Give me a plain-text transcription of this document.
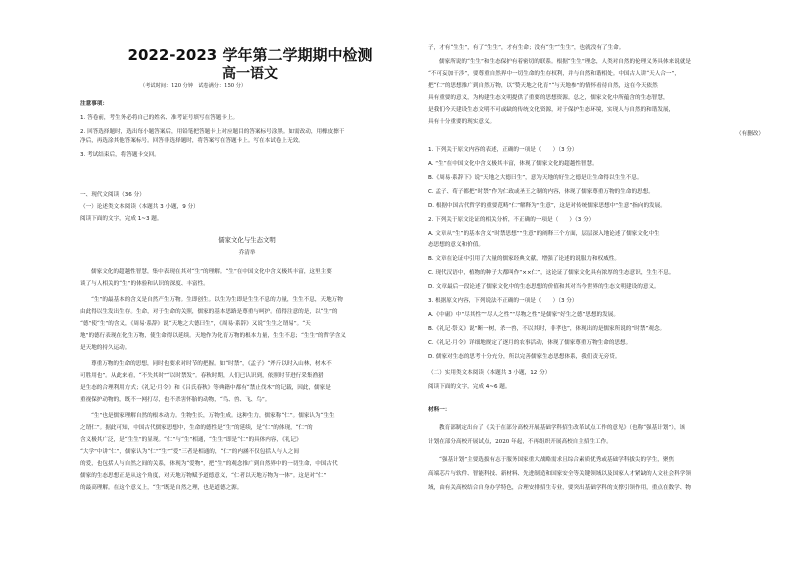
2022-2023 学年第二学期期中检测
高一语文
（考试时间：120 分钟　试卷满分：150 分）
注意事项：
1. 答卷前，考生务必将自己的姓名、准考证号填写在答题卡上。
2. 回答选择题时，选出每小题答案后，用铅笔把答题卡上对应题目的答案标号涂黑。如需改动，用橡皮擦干
净后，再选涂其他答案标号。回答非选择题时，将答案写在答题卡上。写在本试卷上无效。
3. 考试结束后，将答题卡交回。
一、现代文阅读（36 分）
（一）论述类文本阅读（本题共 3 小题，9 分）
阅读下面的文字，完成 1~3 题。
儒家文化与生态文明
乔清举
儒家文化的超越性智慧，集中表现在其对“生”的理解。“生”在中国文化中含义极其丰富，这里主要
谈了与人相关的“生”的体验和认识的深度、丰富性。
“生”的最基本的含义是自然产生万物。生即创生。以生为生即是生生不息的力量，生生不息，天地万物
由此得以生发出生存。生命，对于生命的关照，儒家的基本思路是尊重与呵护。值得注意的是，以“生”的
“德”使“生”的含义，《周易·系辞》说“天地之大德曰生”，《周易·系辞》又说“生生之谓易”。“天
地”的德行表现在化生万物，使生命得以延续。天地作为化育万物的根本力量，生生不息；“生生”的哲学含义
是天地的持久运动。
尊重万物的生命的思想，同时也要求对时节的把握。如“时禁”，《孟子》“斧斤以时入山林，材木不
可胜用也”。从此来看，“不失其时”“以时禁发”。春秋时期，人们已认识到，依照时节进行采集渔猎
是生态的合理利用方式；《礼记·月令》和《吕氏春秋》等典籍中都有“禁止伐木”的记载，因此，儒家是
重视保护动物的，既不一网打尽，也不杀害怀胎的动物，“鸟、兽、飞、鸟”。
“生”也是儒家理解自然的根本动力。生物生长，万物生成。这种生力，儒家称“仁”。儒家认为“生生
之谓仁”。据此可知，中国古代儒家思想中，生命的德性是“生”的延续，是“仁”的体现，“仁”的
含义极其广泛，是“生生”的显现。“仁”与“生”相通，“生生”即是“仁”的具体内容，《礼记》
“大学”中讲“仁”，儒家认为“仁”“生”“爱”三者是相通的，“仁”的内涵不仅包括人与人之间
的爱，也包括人与自然之间的关系，体现为“爱物”，把“生”的观念推广到自然界中的一切生命，中国古代
儒家的生态思想正是从这个角度，对天地万物赋予道德意义，“仁者以天地万物为一体”。这是对“仁”
的最高理解。在这个意义上，“生”既是自然之理，也是道德之源。
子，才有“生生”，有了“生生”，才有生命；没有“生”“生生”，也就没有了生命。
儒家所说的“生生”和生态保护有着密切的联系。根据“生生”理念，人类对自然的伦理义务具体来说就是
“不可妄加干涉”，要尊重自然界中一切生命的生存权利，并与自然和谐相处。中国古人讲“天人合一”，
把“仁”的思想推广到自然万物，以“赞天地之化育”“与天地参”的情怀看待自然，这在今天依然
具有重要的意义，为构建生态文明提供了重要的思想资源。总之，儒家文化中所蕴含的生态智慧，
是我们今天建设生态文明不可或缺的传统文化资源，对于保护生态环境，实现人与自然的和谐发展，
具有十分重要的现实意义。
（有删改）
1. 下列关于原文内容的表述，正确的一项是（　　）（3 分）
A. “生”在中国文化中含义极其丰富，体现了儒家文化的超越性智慧。
B.《周易·系辞下》说“天地之大德曰生”，意为天地的好生之德是让生命得以生生不息。
C. 孟子、荀子都把“时禁”作为仁政或圣王之制的内容，体现了儒家尊重万物的生命的思想。
D. 根据中国古代哲学的重要范畴“仁”解释为“生意”，这是对传统儒家思想中“生意”指向的发展。
2. 下列关于原文论证的相关分析，不正确的一项是（　　）（3 分）
A. 文章从“生”的基本含义“时禁思想”“生意”的阐释三个方面，层层深入地论述了儒家文化中生
态思想的意义和价值。
B. 文章在论证中引用了大量的儒家经典文献，增强了论述的说服力和权威性。
C. 现代汉语中，植物的种子大都叫作“××仁”，这论证了儒家文化具有浓厚的生态意识，生生不息。
D. 文章最后一段论述了儒家文化中的生态思想的价值和其对当今世界的生态文明建设的意义。
3. 根据原文内容，下列说法不正确的一项是（　　）（3 分）
A.《中庸》中“尽其性”“尽人之性”“尽物之性”是儒家“好生之德”思想的发展。
B.《礼记·祭义》说“断一树，杀一兽，不以其时，非孝也”，体现出的是儒家所说的“时禁”观念。
C.《礼记·月令》详细地规定了逐月的农事活动，体现了儒家尊重万物生命的思想。
D. 儒家对生态的思考十分充分，所以完善儒家生态思想体系，我们责无旁贷。
（二）实用类文本阅读（本题共 3 小题，12 分）
阅读下面的文字，完成 4~6 题。
材料一：
教育部制定出台了《关于在部分高校开展基础学科招生改革试点工作的意见》（也称“强基计划”），该
计划在部分高校开展试点，2020 年起，不再组织开展高校自主招生工作。
“强基计划”主要选拔有志于服务国家重大战略需求且综合素质优秀或基础学科拔尖的学生，聚焦
高端芯片与软件、智能科技、新材料、先进制造和国家安全等关键领域以及国家人才紧缺的人文社会科学领
域，由有关高校结合自身办学特色，合理安排招生专业，要突出基础学科的支撑引领作用，重点在数学、物
